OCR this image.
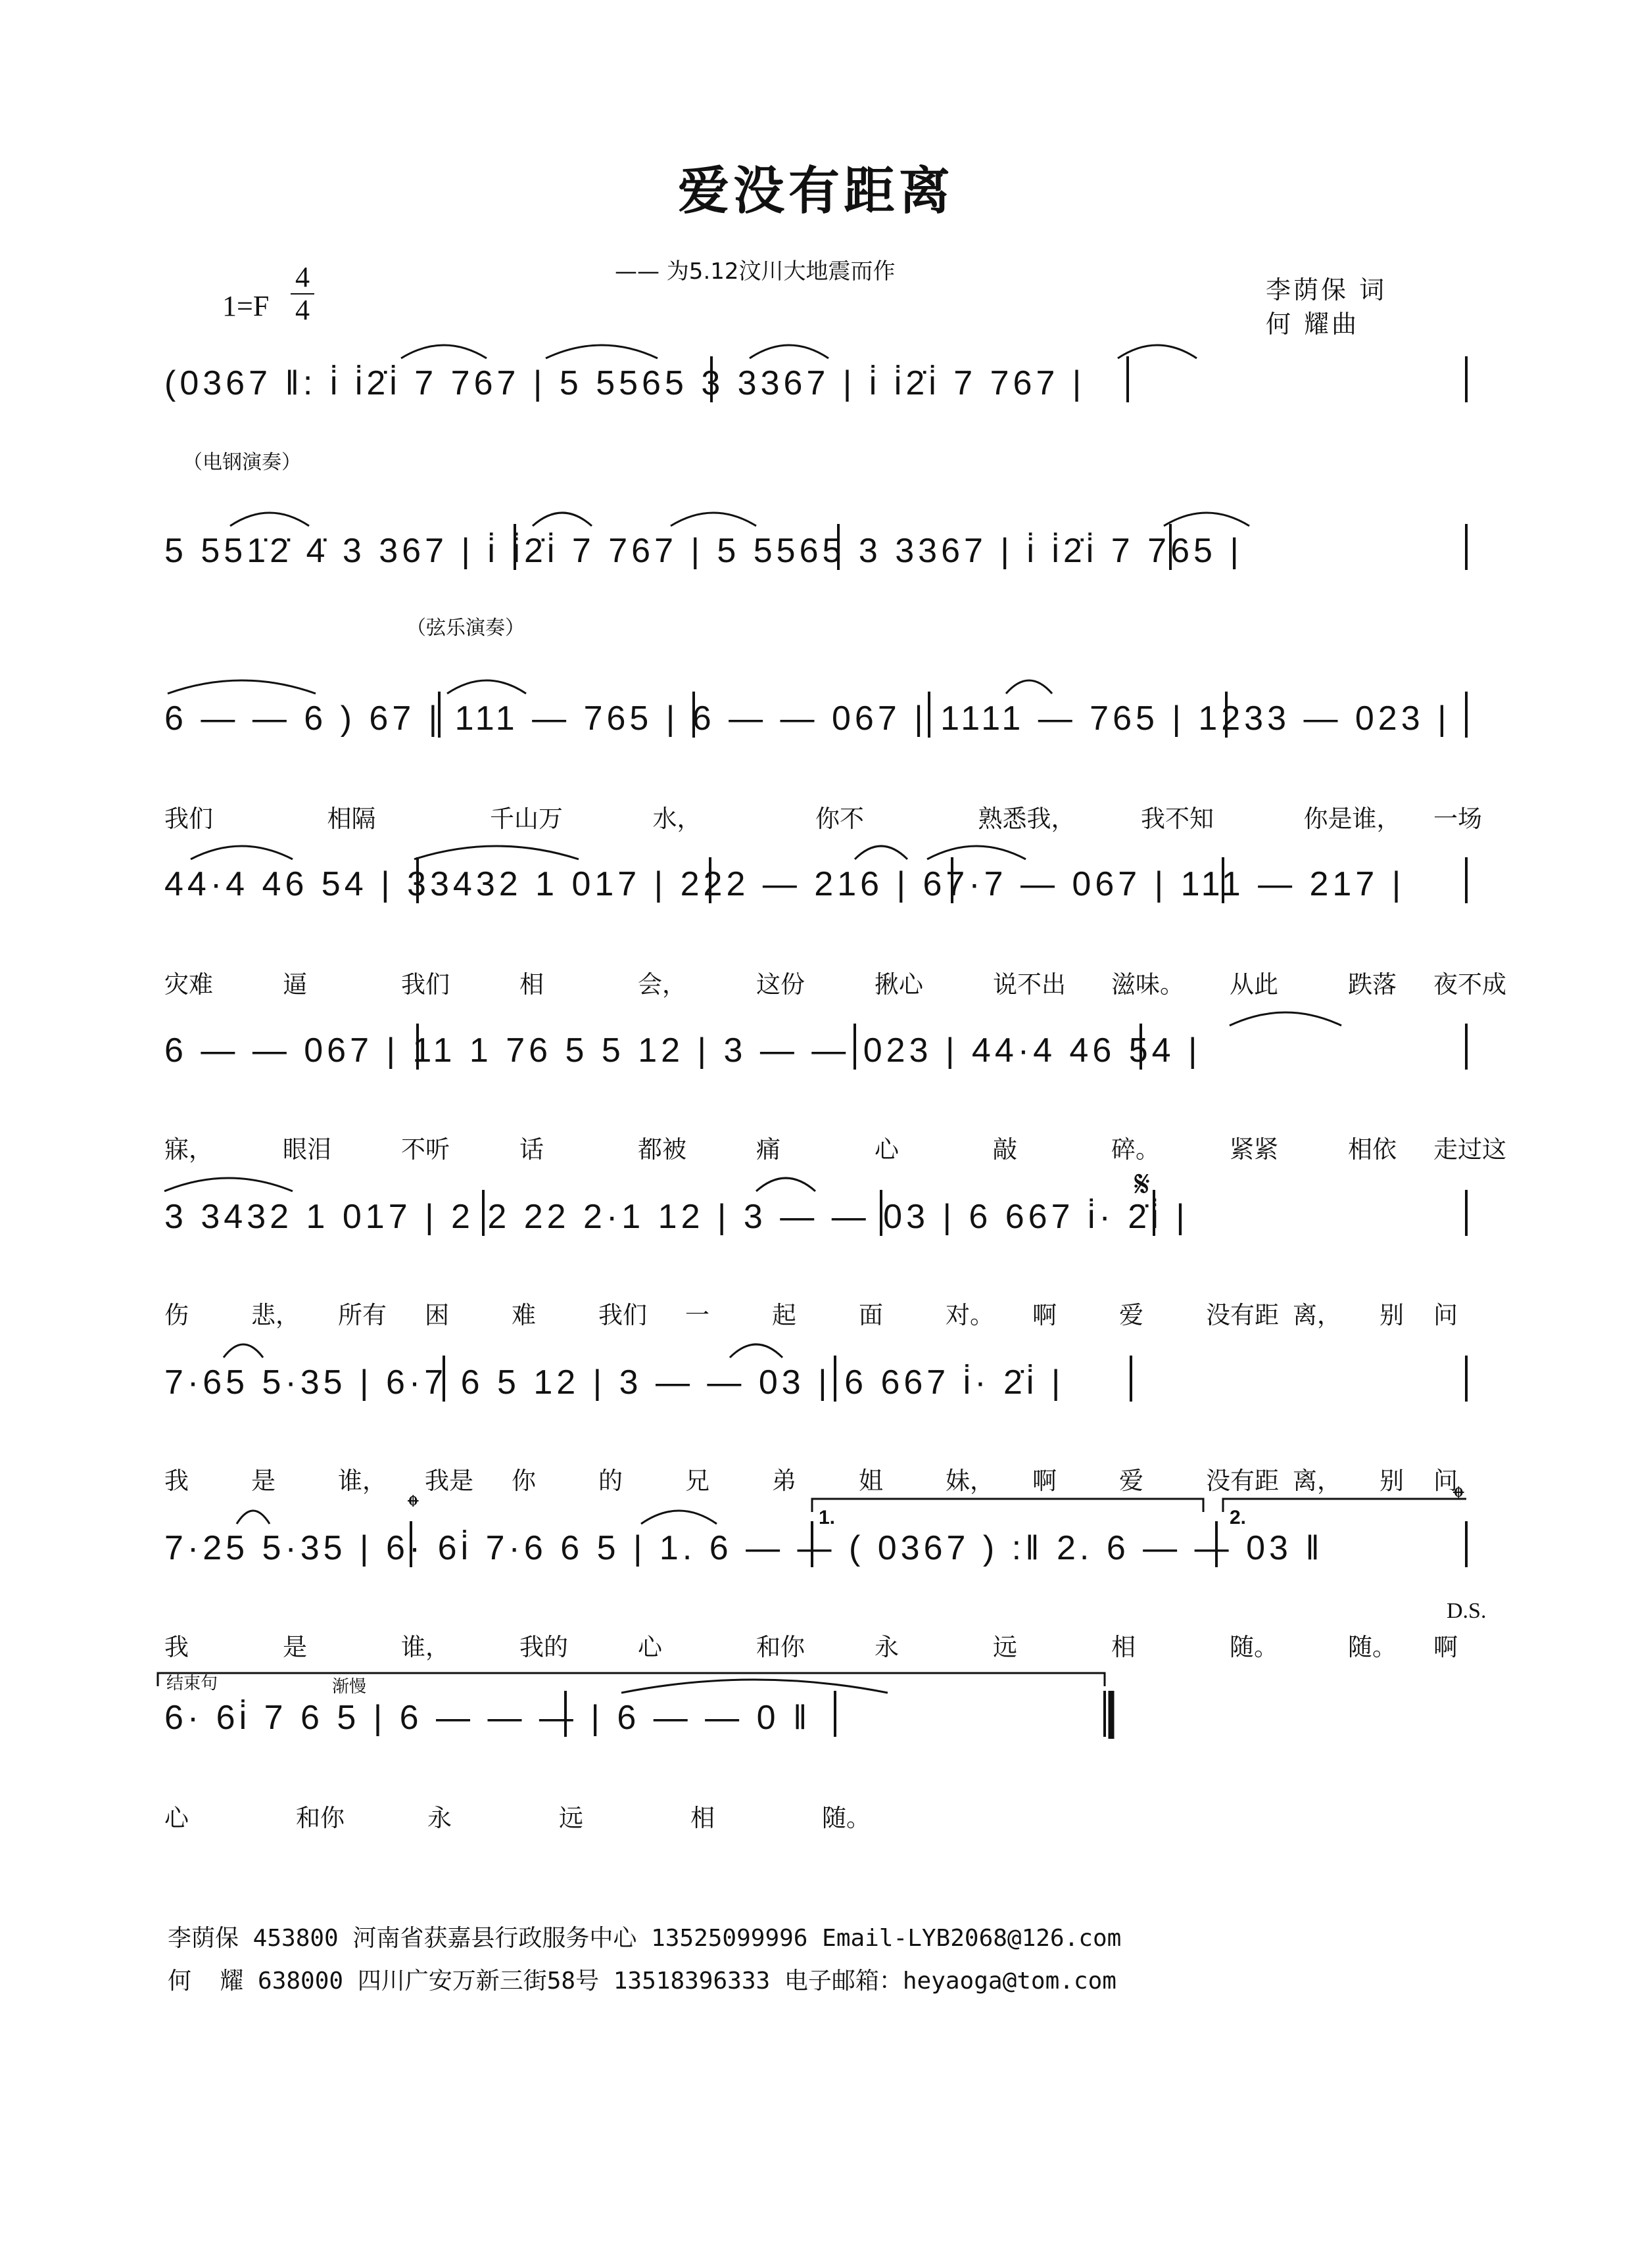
爱没有距离
—— 为5.12汶川大地震而作
李荫保 词
何 耀曲
1=F
4
4
(0367 ‖: i̇ i̇2̇i̇ 7 767 | 5 5565 3 3367 | i̇ i̇2̇i̇ 7 767 |
5 551̇2̇ 4̇ 3 367 | i̇ i̇2̇i̇ 7 767 | 5 5565 3 3367 | i̇ i̇2̇i̇ 7 765 |
6 — — 6 ) 67 | 111 — 765 | 6 — — 067 | 1111 — 765 | 1233 — 023 |
44·4 46 54 | 33432 1 017 | 222 — 216 | 67·7 — 067 | 111 — 217 |
6 — — 067 | 11 1 76 5 5 12 | 3 — — 023 | 44·4 46 54 |
3 3432 1 017 | 2 2 22 2·1 12 | 3 — — 03 | 6 667 i̇· 2̇i̇ |
7·65 5·35 | 6·7 6 5 12 | 3 — — 03 | 6 667 i̇· 2̇i̇ |
7·25 5·35 | 6· 6i̇ 7·6 6 5 | 1. 6 — — ( 0367 ) :‖ 2. 6 — — 03 ‖
6· 6i̇ 7 6 5 | 6 — — — | 6 — — 0 ‖
1.	2.
𝄋
𝄌	𝄌
（电钢演奏）
（弦乐演奏）
结束句	渐慢
D.S.
我们	相隔	千山万	水，	你不	熟悉我，	我不知	你是谁， 一场
灾难	逼	我们	相	会，	这份	揪心	说不出 滋味。 从此	跌落 夜不成
寐，	眼泪	不听	话	都被	痛	心	敲	碎。	紧紧	相依 走过这
伤	悲， 所有 困	难	我们 一	起	面	对。 啊	爱	没有距 离， 别 问
我	是	谁， 我是 你	的	兄	弟	姐	妹， 啊	爱	没有距 离， 别 问
我	是	谁，	我的	心	和你	永	远	相	随。	随。 啊
心	和你	永	远	相	随。
李荫保 453800 河南省获嘉县行政服务中心 13525099996 Email-LYB2068@126.com
何  耀 638000 四川广安万新三街58号 13518396333 电子邮箱：heyaoga@tom.com
